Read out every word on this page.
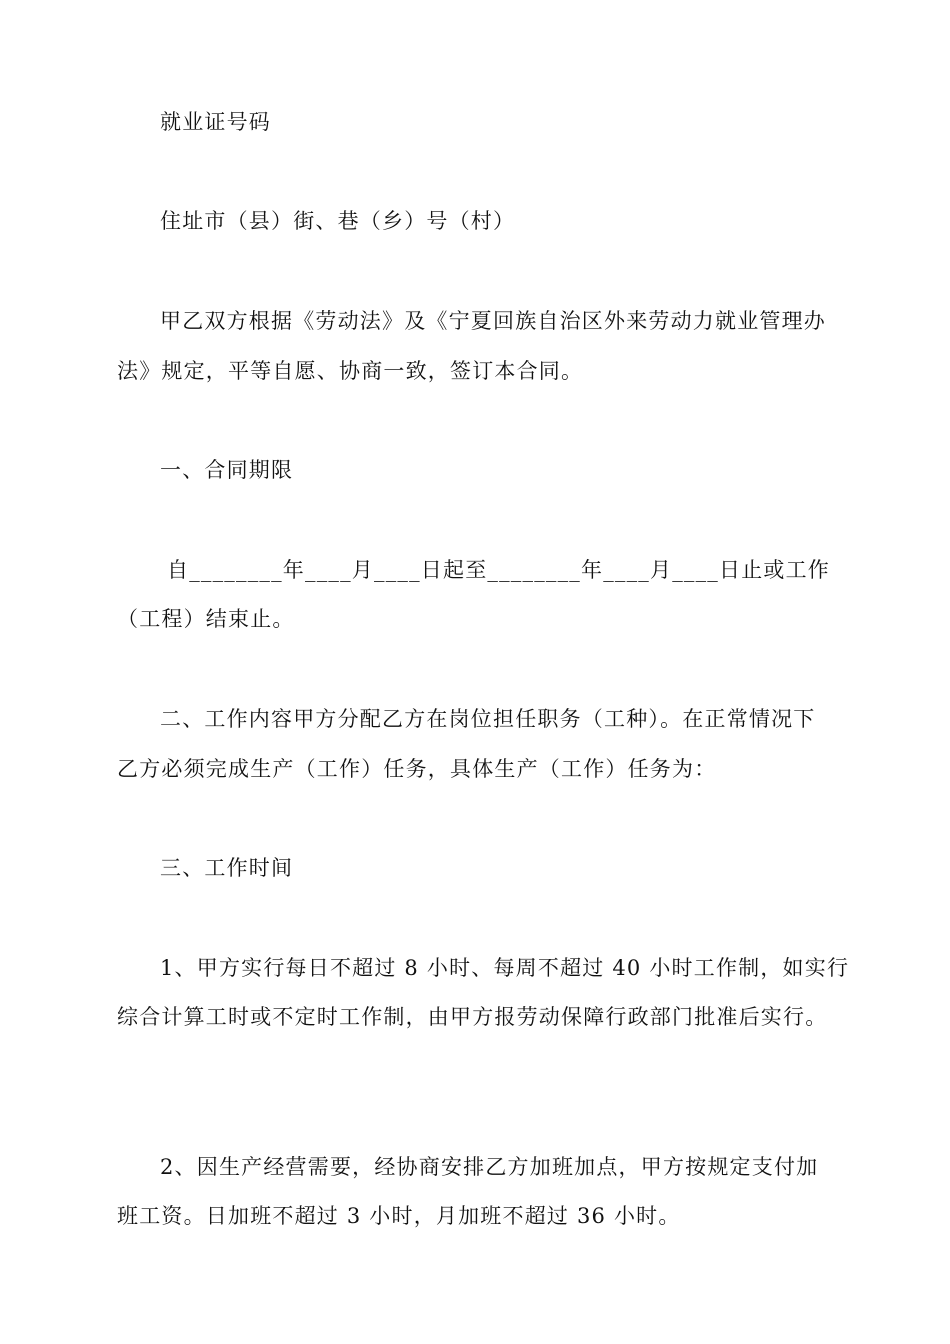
就业证号码
住址市（县）街、巷（乡）号（村）
甲乙双方根据《劳动法》及《宁夏回族自治区外来劳动力就业管理办
法》规定，平等自愿、协商一致，签订本合同。
一、合同期限
自________年____月____日起至________年____月____日止或工作
（工程）结束止。
二、工作内容甲方分配乙方在岗位担任职务（工种）。在正常情况下
乙方必须完成生产（工作）任务，具体生产（工作）任务为：
三、工作时间
1、甲方实行每日不超过 8 小时、每周不超过 40 小时工作制，如实行
综合计算工时或不定时工作制，由甲方报劳动保障行政部门批准后实行。
2、因生产经营需要，经协商安排乙方加班加点，甲方按规定支付加
班工资。日加班不超过 3 小时，月加班不超过 36 小时。
